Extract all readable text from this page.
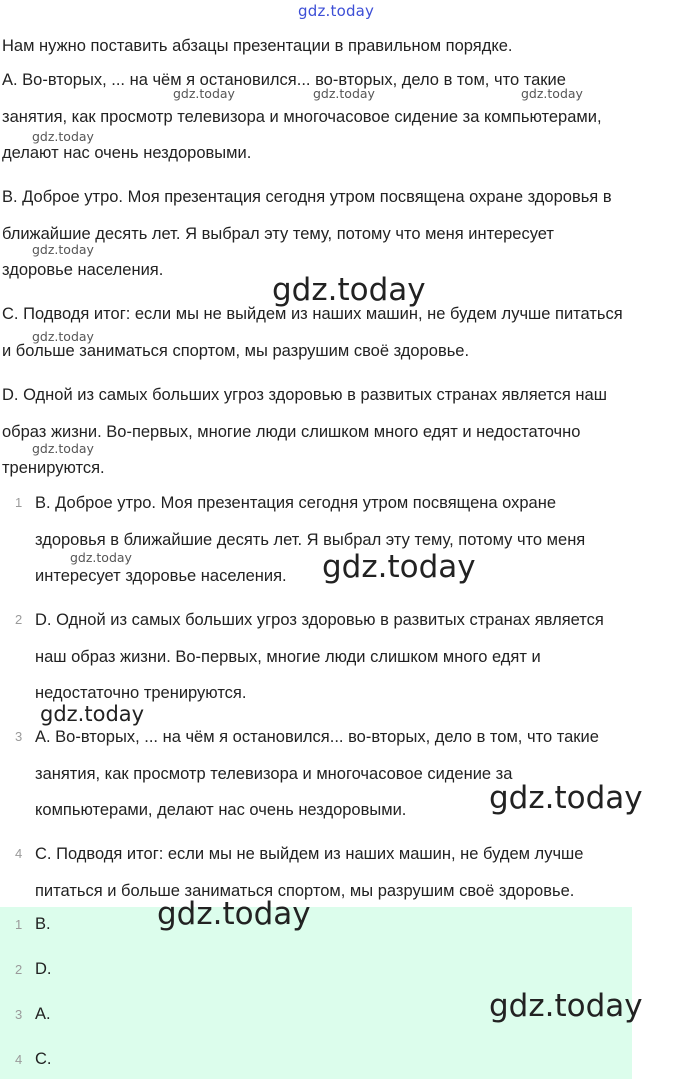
gdz.today
Нам нужно поставить абзацы презентации в правильном порядке.
A. Во-вторых, ... на чём я остановился... во-вторых, дело в том, что такие
занятия, как просмотр телевизора и многочасовое сидение за компьютерами,
делают нас очень нездоровыми.
B. Доброе утро. Моя презентация сегодня утром посвящена охране здоровья в
ближайшие десять лет. Я выбрал эту тему, потому что меня интересует
здоровье населения.
C. Подводя итог: если мы не выйдем из наших машин, не будем лучше питаться
и больше заниматься спортом, мы разрушим своё здоровье.
D. Одной из самых больших угроз здоровью в развитых странах является наш
образ жизни. Во-первых, многие люди слишком много едят и недостаточно
тренируются.
1 B. Доброе утро. Моя презентация сегодня утром посвящена охране
здоровья в ближайшие десять лет. Я выбрал эту тему, потому что меня
интересует здоровье населения.
2 D. Одной из самых больших угроз здоровью в развитых странах является
наш образ жизни. Во-первых, многие люди слишком много едят и
недостаточно тренируются.
3 A. Во-вторых, ... на чём я остановился... во-вторых, дело в том, что такие
занятия, как просмотр телевизора и многочасовое сидение за
компьютерами, делают нас очень нездоровыми.
4 C. Подводя итог: если мы не выйдем из наших машин, не будем лучше
питаться и больше заниматься спортом, мы разрушим своё здоровье.
1 B.
2 D.
3 A.
4 C.
gdz.today	gdz.today	gdz.today
gdz.today
gdz.today
gdz.today
gdz.today
gdz.today
gdz.today
gdz.today
gdz.today
gdz.today
gdz.today
gdz.today
